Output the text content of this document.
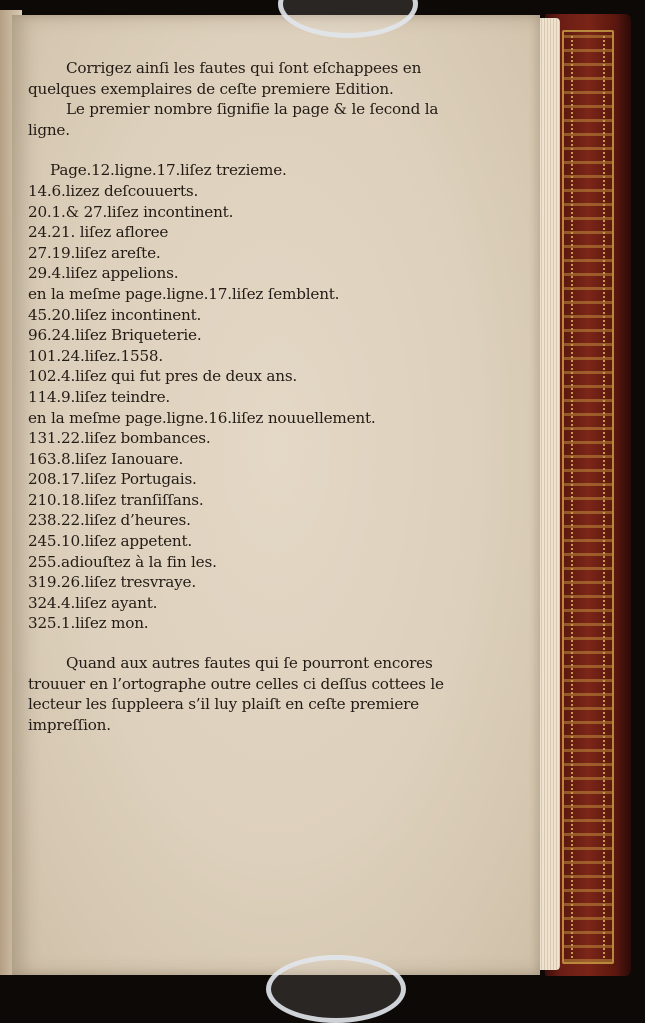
Corrigez ainſi les fautes qui ſont eſchappees en quelques exemplaires de ceſte premiere Edition.

Le premier nombre ſignifie la page & le ſecond la ligne.

Page.12.ligne.17.liſez trezieme.
14.6.lizez deſcouuerts.
20.1.& 27.liſez incontinent.
24.21. liſez afloree
27.19.liſez areſte.
29.4.liſez appelions.
en la meſme page.ligne.17.liſez ſemblent.
45.20.liſez incontinent.
96.24.liſez Briqueterie.
101.24.liſez.1558.
102.4.liſez qui fut pres de deux ans.
114.9.liſez teindre.
en la meſme page.ligne.16.liſez nouuellement.
131.22.liſez bombances.
163.8.liſez Ianouare.
208.17.liſez Portugais.
210.18.liſez tranſiſſans.
238.22.liſez d’heures.
245.10.liſez appetent.
255.adiouſtez à la fin les.
319.26.liſez tresvraye.
324.4.liſez ayant.
325.1.liſez mon.

Quand aux autres fautes qui ſe pourront encores trouuer en l’ortographe outre celles ci deſſus cottees le lecteur les ſuppleera s’il luy plaiſt en ceſte premiere impreſſion.
